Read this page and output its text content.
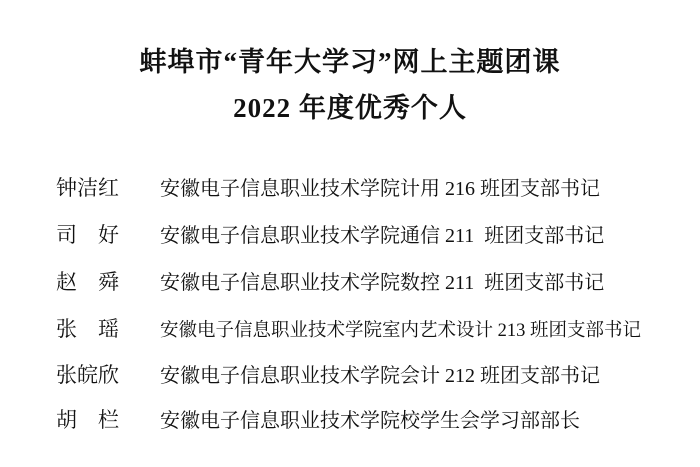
蚌埠市“青年大学习”网上主题团课
2022 年度优秀个人
钟洁红	安徽电子信息职业技术学院计用 216 班团支部书记
司　好	安徽电子信息职业技术学院通信 211  班团支部书记
赵　舜	安徽电子信息职业技术学院数控 211  班团支部书记
张　瑶	安徽电子信息职业技术学院室内艺术设计 213 班团支部书记
张皖欣	安徽电子信息职业技术学院会计 212 班团支部书记
胡　栏	安徽电子信息职业技术学院校学生会学习部部长
